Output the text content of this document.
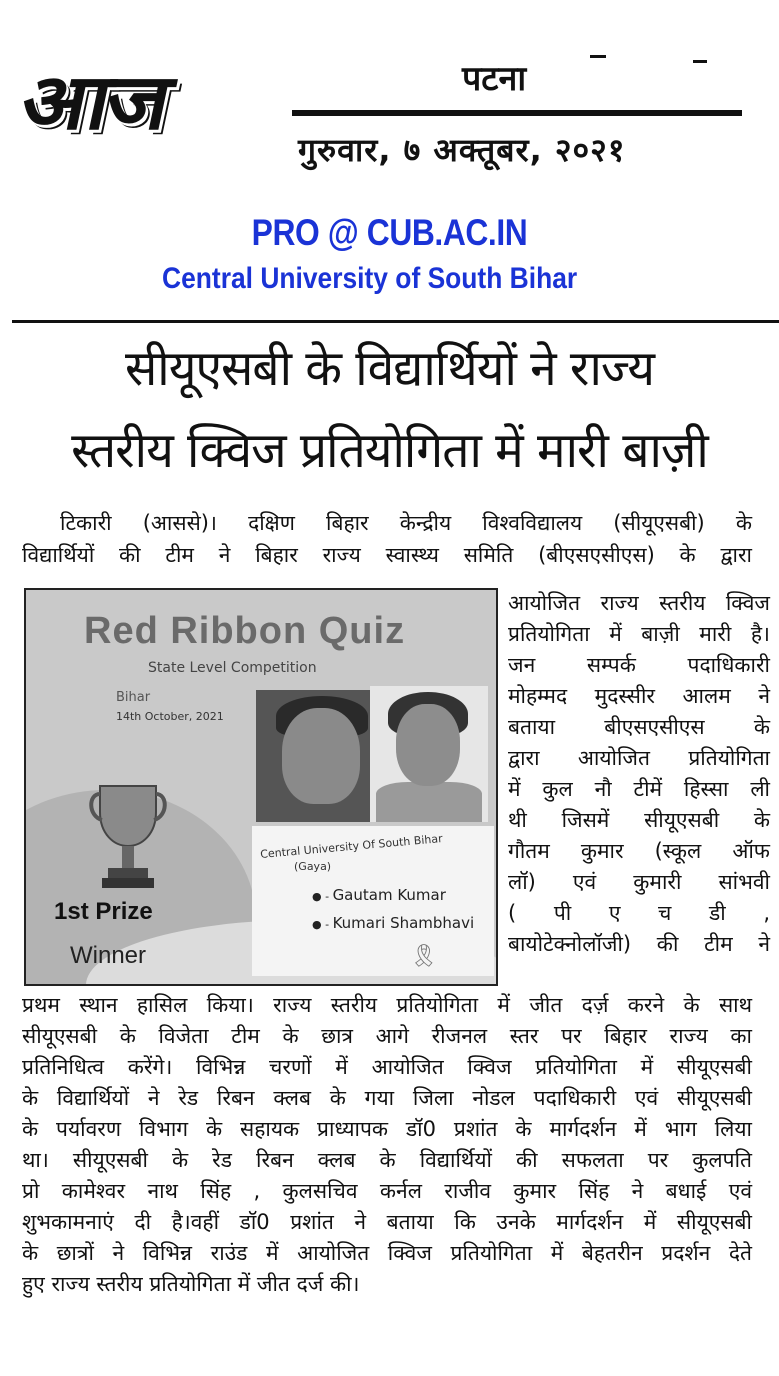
आज	पटना
गुरुवार, ७ अक्तूबर, २०२१
PRO @ CUB.AC.IN
Central University of South Bihar
सीयूएसबी के विद्यार्थियों ने राज्य
स्तरीय क्विज प्रतियोगिता में मारी बाज़ी
टिकारी (आससे)। दक्षिण बिहार केन्द्रीय विश्वविद्यालय (सीयूएसबी) के
विद्यार्थियों की टीम ने बिहार राज्य स्वास्थ्य समिति (बीएसएसीएस) के द्वारा
Red Ribbon Quiz
State Level Competition
Bihar
14th October, 2021
1st Prize
Winner
Central University Of South Bihar
(Gaya)
● - Gautam Kumar
● - Kumari Shambhavi
🎗
आयोजित राज्य स्तरीय क्विज
प्रतियोगिता में बाज़ी मारी है।
जन सम्पर्क पदाधिकारी
मोहम्मद मुदस्सीर आलम ने
बताया बीएसएसीएस के
द्वारा आयोजित प्रतियोगिता
में कुल नौ टीमें हिस्सा ली
थी जिसमें सीयूएसबी के
गौतम कुमार (स्कूल ऑफ
लॉ) एवं कुमारी सांभवी
( पी ए च डी ,
बायोटेक्नोलॉजी) की टीम ने
प्रथम स्थान हासिल किया। राज्य स्तरीय प्रतियोगिता में जीत दर्ज़ करने के साथ
सीयूएसबी के विजेता टीम के छात्र आगे रीजनल स्तर पर बिहार राज्य का
प्रतिनिधित्व करेंगे। विभिन्न चरणों में आयोजित क्विज प्रतियोगिता में सीयूएसबी
के विद्यार्थियों ने रेड रिबन क्लब के गया जिला नोडल पदाधिकारी एवं सीयूएसबी
के पर्यावरण विभाग के सहायक प्राध्यापक डॉ0 प्रशांत के मार्गदर्शन में भाग लिया
था। सीयूएसबी के रेड रिबन क्लब के विद्यार्थियों की सफलता पर कुलपति
प्रो कामेश्वर नाथ सिंह , कुलसचिव कर्नल राजीव कुमार सिंह ने बधाई एवं
शुभकामनाएं दी है।वहीं डॉ0 प्रशांत ने बताया कि उनके मार्गदर्शन में सीयूएसबी
के छात्रों ने विभिन्न राउंड में आयोजित क्विज प्रतियोगिता में बेहतरीन प्रदर्शन देते
हुए राज्य स्तरीय प्रतियोगिता में जीत दर्ज की।
